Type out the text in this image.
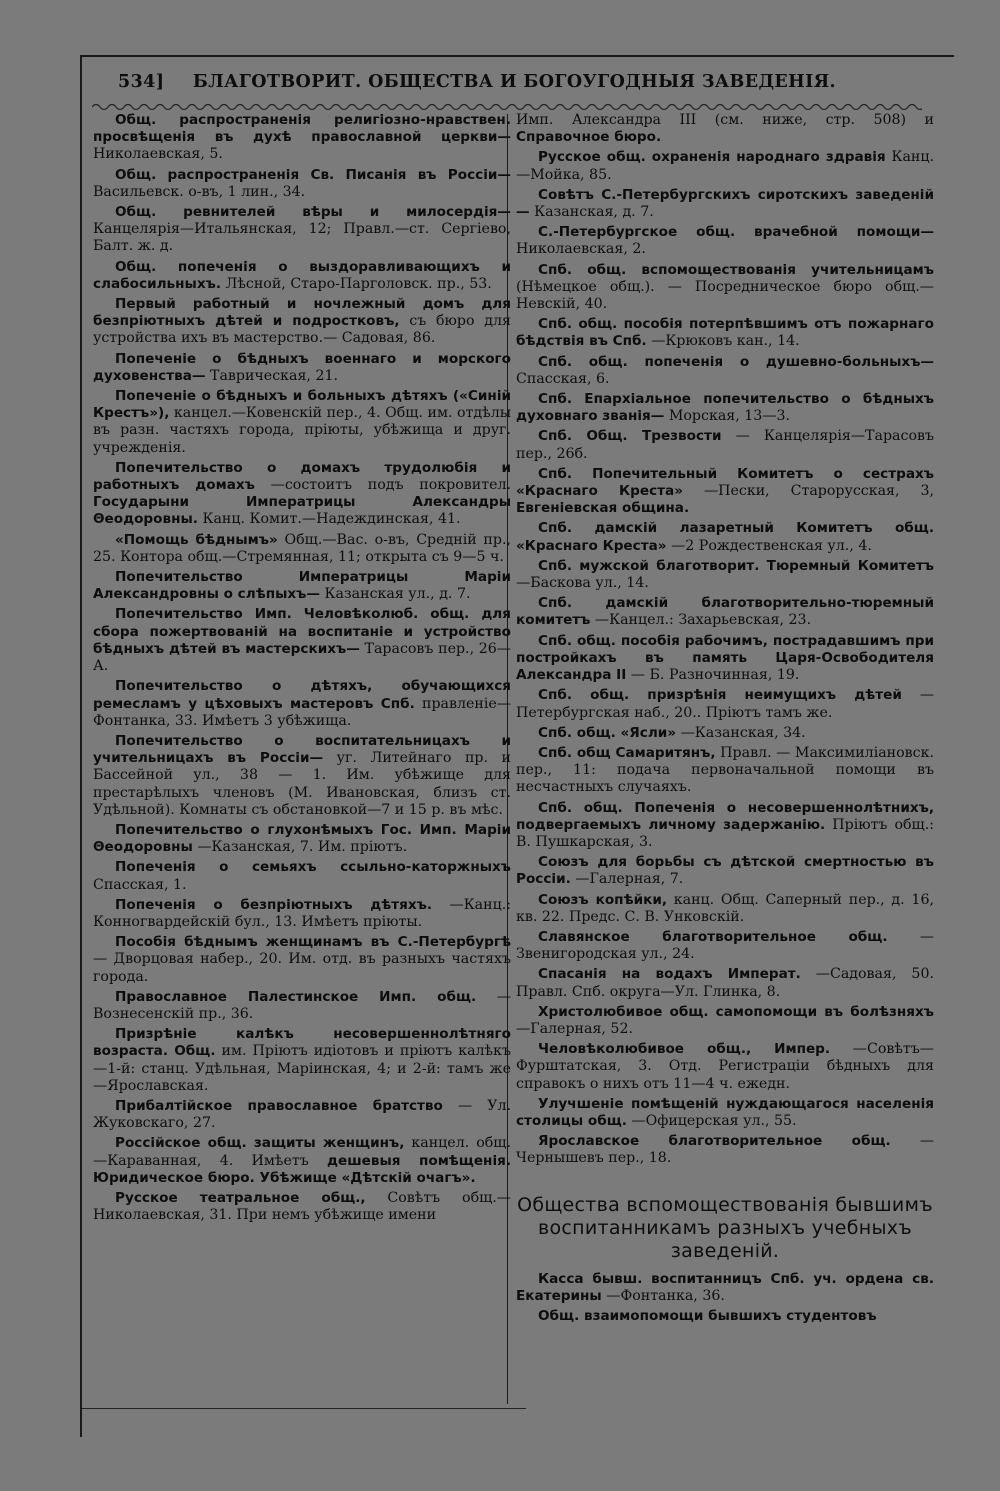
534] БЛАГОТВОРИТ. ОБЩЕСТВА И БОГОУГОДНЫЯ ЗАВЕДЕНІЯ.
Общ. распространенія религіозно-нравствен. просвѣщенія въ духѣ православной церкви— Николаевская, 5.
Общ. распространенія Св. Писанія въ Россіи— Васильевск. о-въ, 1 лин., 34.
Общ. ревнителей вѣры и милосердія— Канцелярія—Итальянская, 12; Правл.—ст. Сергіево, Балт. ж. д.
Общ. попеченія о выздоравливающихъ и слабосильныхъ. Лѣсной, Старо-Парголовск. пр., 53.
Первый работный и ночлежный домъ для безпріютныхъ дѣтей и подростковъ, съ бюро для устройства ихъ въ мастерство.— Садовая, 86.
Попеченіе о бѣдныхъ военнаго и морского духовенства— Таврическая, 21.
Попеченіе о бѣдныхъ и больныхъ дѣтяхъ («Синій Крестъ»), канцел.—Ковенскій пер., 4. Общ. им. отдѣлы въ разн. частяхъ города, пріюты, убѣжища и друг. учрежденія.
Попечительство о домахъ трудолюбія и работныхъ домахъ —состоитъ подъ покровител. Государыни Императрицы Александры Θеодоровны. Канц. Комит.—Надеждинская, 41.
«Помощь бѣднымъ» Общ.—Вас. о-въ, Средній пр., 25. Контора общ.—Стремянная, 11; открыта съ 9—5 ч.
Попечительство Императрицы Маріи Александровны о слѣпыхъ— Казанская ул., д. 7.
Попечительство Имп. Человѣколюб. общ. для сбора пожертвованій на воспитаніе и устройство бѣдныхъ дѣтей въ мастерскихъ— Тарасовъ пер., 26—А.
Попечительство о дѣтяхъ, обучающихся ремесламъ у цѣховыхъ мастеровъ Спб. правленіе—Фонтанка, 33. Имѣетъ 3 убѣжища.
Попечительство о воспитательницахъ и учительницахъ въ Россіи— уг. Литейнаго пр. и Бассейной ул., 38 — 1. Им. убѣжище для престарѣлыхъ членовъ (М. Ивановская, близъ ст. Удѣльной). Комнаты съ обстановкой—7 и 15 р. въ мѣс.
Попечительство о глухонѣмыхъ Гос. Имп. Маріи Θеодоровны —Казанская, 7. Им. пріютъ.
Попеченія о семьяхъ ссыльно-каторжныхъ Спасская, 1.
Попеченія о безпріютныхъ дѣтяхъ. —Канц.: Конногвардейскій бул., 13. Имѣетъ пріюты.
Пособія бѣднымъ женщинамъ въ С.-Петербургѣ — Дворцовая набер., 20. Им. отд. въ разныхъ частяхъ города.
Православное Палестинское Имп. общ. —Вознесенскій пр., 36.
Призрѣніе калѣкъ несовершеннолѣтняго возраста. Общ. им. Пріютъ идіотовъ и пріютъ калѣкъ—1-й: станц. Удѣльная, Маріинская, 4; и 2-й: тамъ же—Ярославская.
Прибалтійское православное братство — Ул. Жуковскаго, 27.
Россійское общ. защиты женщинъ, канцел. общ. —Караванная, 4. Имѣетъ дешевыя помѣщенія. Юридическое бюро. Убѣжище «Дѣтскій очагъ».
Русское театральное общ., Совѣтъ общ.— Николаевская, 31. При немъ убѣжище имени
Имп. Александра III (см. ниже, стр. 508) и Справочное бюро.
Русское общ. охраненія народнаго здравія Канц.—Мойка, 85.
Совѣтъ С.-Петербургскихъ сиротскихъ заведеній— Казанская, д. 7.
С.-Петербургское общ. врачебной помощи— Николаевская, 2.
Спб. общ. вспомоществованія учительницамъ (Нѣмецкое общ.). — Посредническое бюро общ.—Невскій, 40.
Спб. общ. пособія потерпѣвшимъ отъ пожарнаго бѣдствія въ Спб. —Крюковъ кан., 14.
Спб. общ. попеченія о душевно-больныхъ— Спасская, 6.
Спб. Епархіальное попечительство о бѣдныхъ духовнаго званія— Морская, 13—3.
Спб. Общ. Трезвости — Канцелярія—Тарасовъ пер., 26б.
Спб. Попечительный Комитетъ о сестрахъ «Краснаго Креста» —Пески, Старорусская, 3, Евгеніевская община.
Спб. дамскій лазаретный Комитетъ общ. «Краснаго Креста» —2 Рождественская ул., 4.
Спб. мужской благотворит. Тюремный Комитетъ —Баскова ул., 14.
Спб. дамскій благотворительно-тюремный комитетъ —Канцел.: Захарьевская, 23.
Спб. общ. пособія рабочимъ, пострадавшимъ при постройкахъ въ память Царя-Освободителя Александра II — Б. Разночинная, 19.
Спб. общ. призрѣнія неимущихъ дѣтей — Петербургская наб., 20.. Пріютъ тамъ же.
Спб. общ. «Ясли» —Казанская, 34.
Спб. общ Самаритянъ, Правл. — Максимиліановск. пер., 11: подача первоначальной помощи въ несчастныхъ случаяхъ.
Спб. общ. Попеченія о несовершеннолѣтнихъ, подвергаемыхъ личному задержанію. Пріютъ общ.: В. Пушкарская, 3.
Союзъ для борьбы съ дѣтской смертностью въ Россіи. —Галерная, 7.
Союзъ копѣйки, канц. Общ. Саперный пер., д. 16, кв. 22. Предс. С. В. Унковскій.
Славянское благотворительное общ. —Звенигородская ул., 24.
Спасанія на водахъ Императ. —Садовая, 50. Правл. Спб. округа—Ул. Глинка, 8.
Христолюбивое общ. самопомощи въ болѣзняхъ —Галерная, 52.
Человѣколюбивое общ., Импер. —Совѣтъ—Фурштатская, 3. Отд. Регистраціи бѣдныхъ для справокъ о нихъ отъ 11—4 ч. ежедн.
Улучшеніе помѣщеній нуждающагося населенія столицы общ. —Офицерская ул., 55.
Ярославское благотворительное общ. —Чернышевъ пер., 18.
Общества вспомоществованія бывшимъ воспитанникамъ разныхъ учебныхъ заведеній.
Касса бывш. воспитанницъ Спб. уч. ордена св. Екатерины —Фонтанка, 36.
Общ. взаимопомощи бывшихъ студентовъ
